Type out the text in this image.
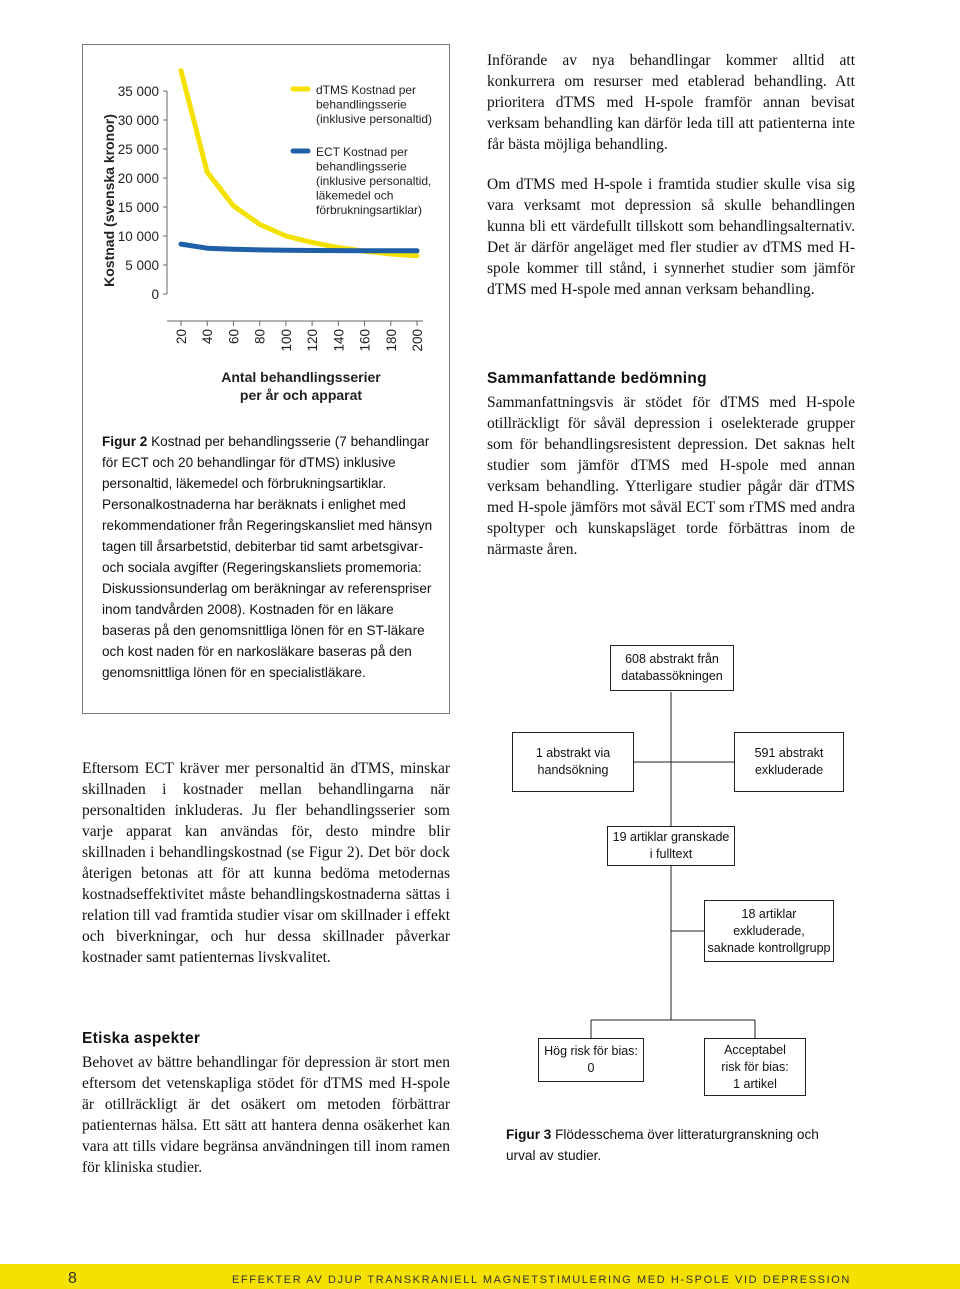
0
5 000
10 000
15 000
20 000
25 000
30 000
35 000
20 40 60 80 100 120 140 160 180 200
Kostnad (svenska kronor)
Antal behandlingsserier
per år och apparat
dTMS Kostnad per
behandlingsserie
(inklusive personaltid)
ECT Kostnad per
behandlingsserie
(inklusive personaltid,
läkemedel och
förbrukningsartiklar)
Figur 2 Kostnad per behandlingsserie (7 behandlingar för ECT och 20 behandlingar för dTMS) inklusive personaltid, läkemedel och förbrukningsartiklar. Personalkostnaderna har beräknats i enlighet med rekommendationer från Regeringskansliet med hänsyn tagen till årsarbetstid, debiterbar tid samt arbetsgivar- och sociala avgifter (Regeringskansliets promemoria: Diskussionsunderlag om beräkningar av referenspriser inom tandvården 2008). Kostnaden för en läkare baseras på den genomsnittliga lönen för en ST-läkare och kost naden för en narkosläkare baseras på den genomsnittliga lönen för en specialistläkare.

Införande av nya behandlingar kommer alltid att konkurrera om resurser med etablerad behandling. Att prioritera dTMS med H-spole framför annan bevisat verksam behandling kan därför leda till att patienterna inte får bästa möjliga behandling.

Om dTMS med H-spole i framtida studier skulle visa sig vara verksamt mot depression så skulle behandlingen kunna bli ett värdefullt tillskott som behandlingsalternativ. Det är därför angeläget med fler studier av dTMS med H-spole kommer till stånd, i synnerhet studier som jämför dTMS med H-spole med annan verksam behandling.

Sammanfattande bedömning
Sammanfattningsvis är stödet för dTMS med H-spole otillräckligt för såväl depression i oselekterade grupper som för behandlingsresistent depression. Det saknas helt studier som jämför dTMS med H-spole med annan verksam behandling. Ytterligare studier pågår där dTMS med H-spole jämförs mot såväl ECT som rTMS med andra spoltyper och kunskapsläget torde förbättras inom de närmaste åren.
Eftersom ECT kräver mer personaltid än dTMS, minskar skillnaden i kostnader mellan behandlingarna när personaltiden inkluderas. Ju fler behandlingsserier som varje apparat kan användas för, desto mindre blir skillnaden i behandlingskostnad (se Figur 2). Det bör dock återigen betonas att för att kunna bedöma metodernas kostnadseffektivitet måste behandlingskostnaderna sättas i relation till vad framtida studier visar om skillnader i effekt och biverkningar, och hur dessa skillnader påverkar kostnader samt patienternas livskvalitet.
Etiska aspekter
Behovet av bättre behandlingar för depression är stort men eftersom det vetenskapliga stödet för dTMS med H-spole är otillräckligt är det osäkert om metoden förbättrar patienternas hälsa. Ett sätt att hantera denna osäkerhet kan vara att tills vidare begränsa användningen till inom ramen för kliniska studier.
608 abstrakt från
databassökningen
1 abstrakt via
handsökning
591 abstrakt
exkluderade
19 artiklar granskade
i fulltext
18 artiklar
exkluderade,
saknade kontrollgrupp
Hög risk för bias:
0
Acceptabel
risk för bias:
1 artikel
Figur 3 Flödesschema över litteraturgranskning och urval av studier.
8	EFFEKTER AV DJUP TRANSKRANIELL MAGNETSTIMULERING MED H-SPOLE VID DEPRESSION
